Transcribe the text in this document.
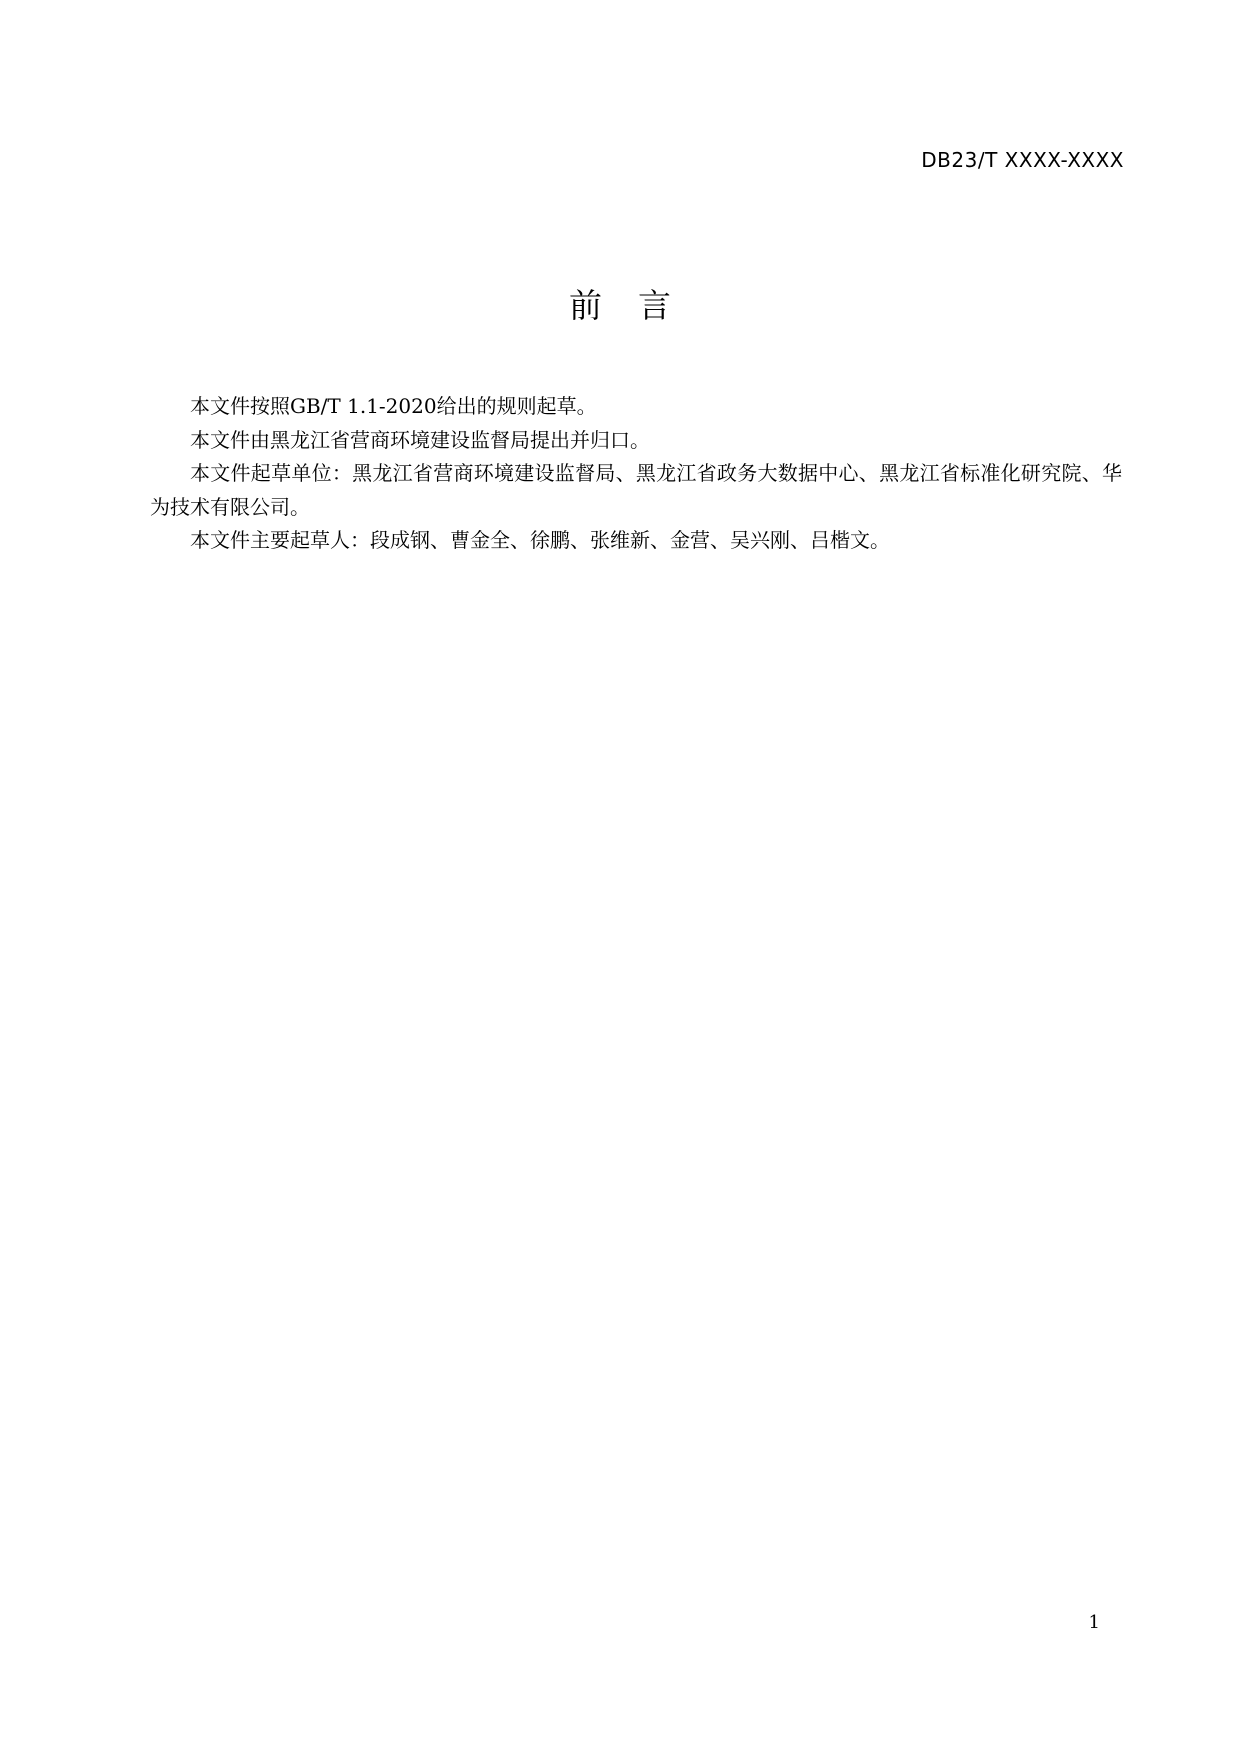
DB23/T XXXX-XXXX
前言

本文件按照GB/T 1.1-2020给出的规则起草。

本文件由黑龙江省营商环境建设监督局提出并归口。

本文件起草单位：黑龙江省营商环境建设监督局、黑龙江省政务大数据中心、黑龙江省标准化研究院、华为技术有限公司。

本文件主要起草人：段成钢、曹金全、徐鹏、张维新、金营、吴兴刚、吕楷文。

1
